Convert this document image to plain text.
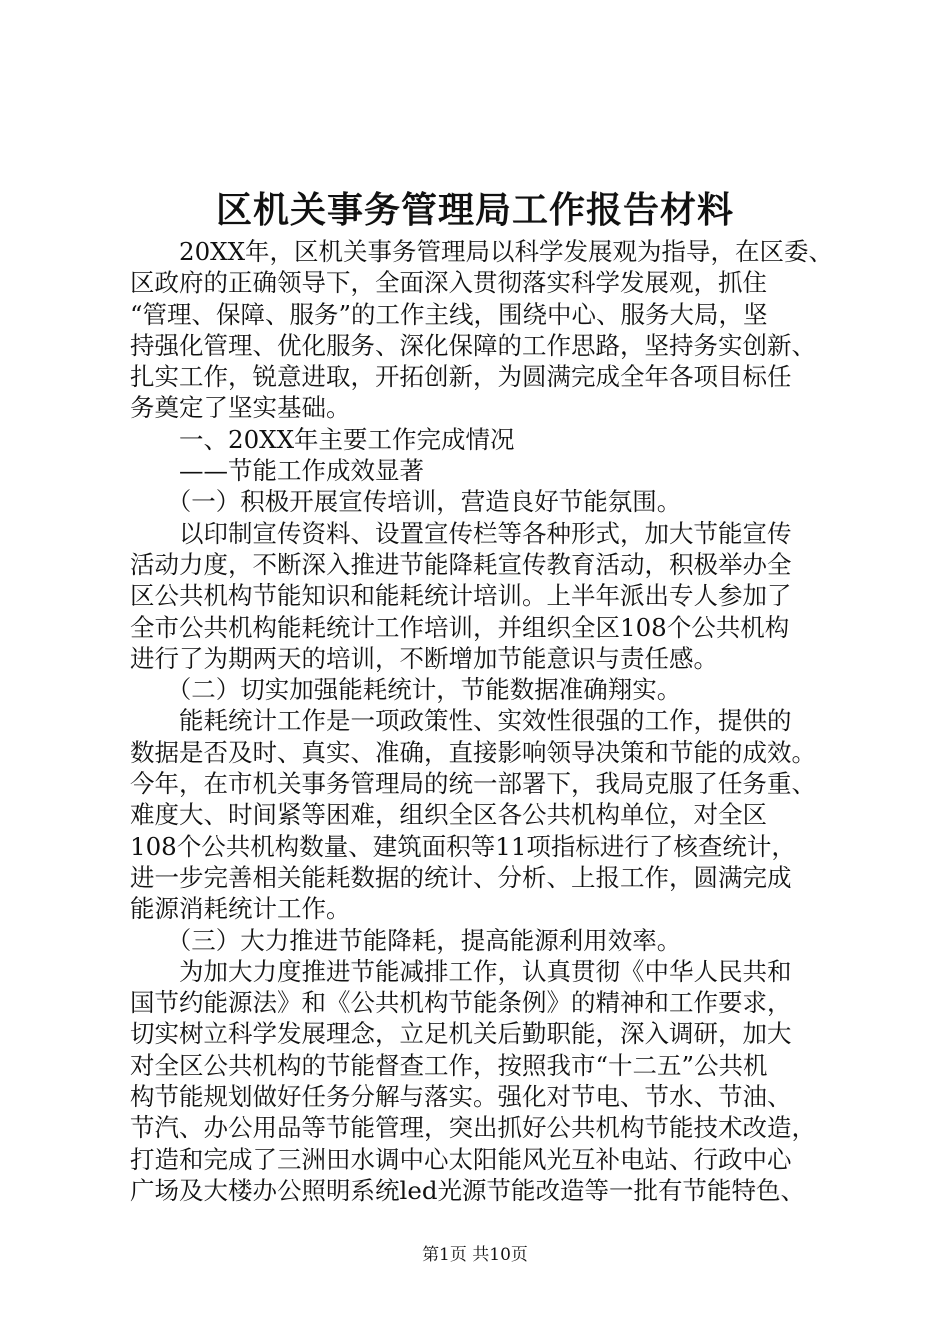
区机关事务管理局工作报告材料
　　20XX年，区机关事务管理局以科学发展观为指导，在区委、
区政府的正确领导下，全面深入贯彻落实科学发展观，抓住
“管理、保障、服务”的工作主线，围绕中心、服务大局，坚
持强化管理、优化服务、深化保障的工作思路，坚持务实创新、
扎实工作，锐意进取，开拓创新，为圆满完成全年各项目标任
务奠定了坚实基础。
　　一、20XX年主要工作完成情况
　　——节能工作成效显著
　　（一）积极开展宣传培训，营造良好节能氛围。
　　以印制宣传资料、设置宣传栏等各种形式，加大节能宣传
活动力度，不断深入推进节能降耗宣传教育活动，积极举办全
区公共机构节能知识和能耗统计培训。上半年派出专人参加了
全市公共机构能耗统计工作培训，并组织全区108个公共机构
进行了为期两天的培训，不断增加节能意识与责任感。
　　（二）切实加强能耗统计，节能数据准确翔实。
　　能耗统计工作是一项政策性、实效性很强的工作，提供的
数据是否及时、真实、准确，直接影响领导决策和节能的成效。
今年，在市机关事务管理局的统一部署下，我局克服了任务重、
难度大、时间紧等困难，组织全区各公共机构单位，对全区
108个公共机构数量、建筑面积等11项指标进行了核查统计，
进一步完善相关能耗数据的统计、分析、上报工作，圆满完成
能源消耗统计工作。
　　（三）大力推进节能降耗，提高能源利用效率。
　　为加大力度推进节能减排工作，认真贯彻《中华人民共和
国节约能源法》和《公共机构节能条例》的精神和工作要求，
切实树立科学发展理念，立足机关后勤职能，深入调研，加大
对全区公共机构的节能督查工作，按照我市“十二五”公共机
构节能规划做好任务分解与落实。强化对节电、节水、节油、
节汽、办公用品等节能管理，突出抓好公共机构节能技术改造，
打造和完成了三洲田水调中心太阳能风光互补电站、行政中心
广场及大楼办公照明系统led光源节能改造等一批有节能特色、
第1页 共10页
